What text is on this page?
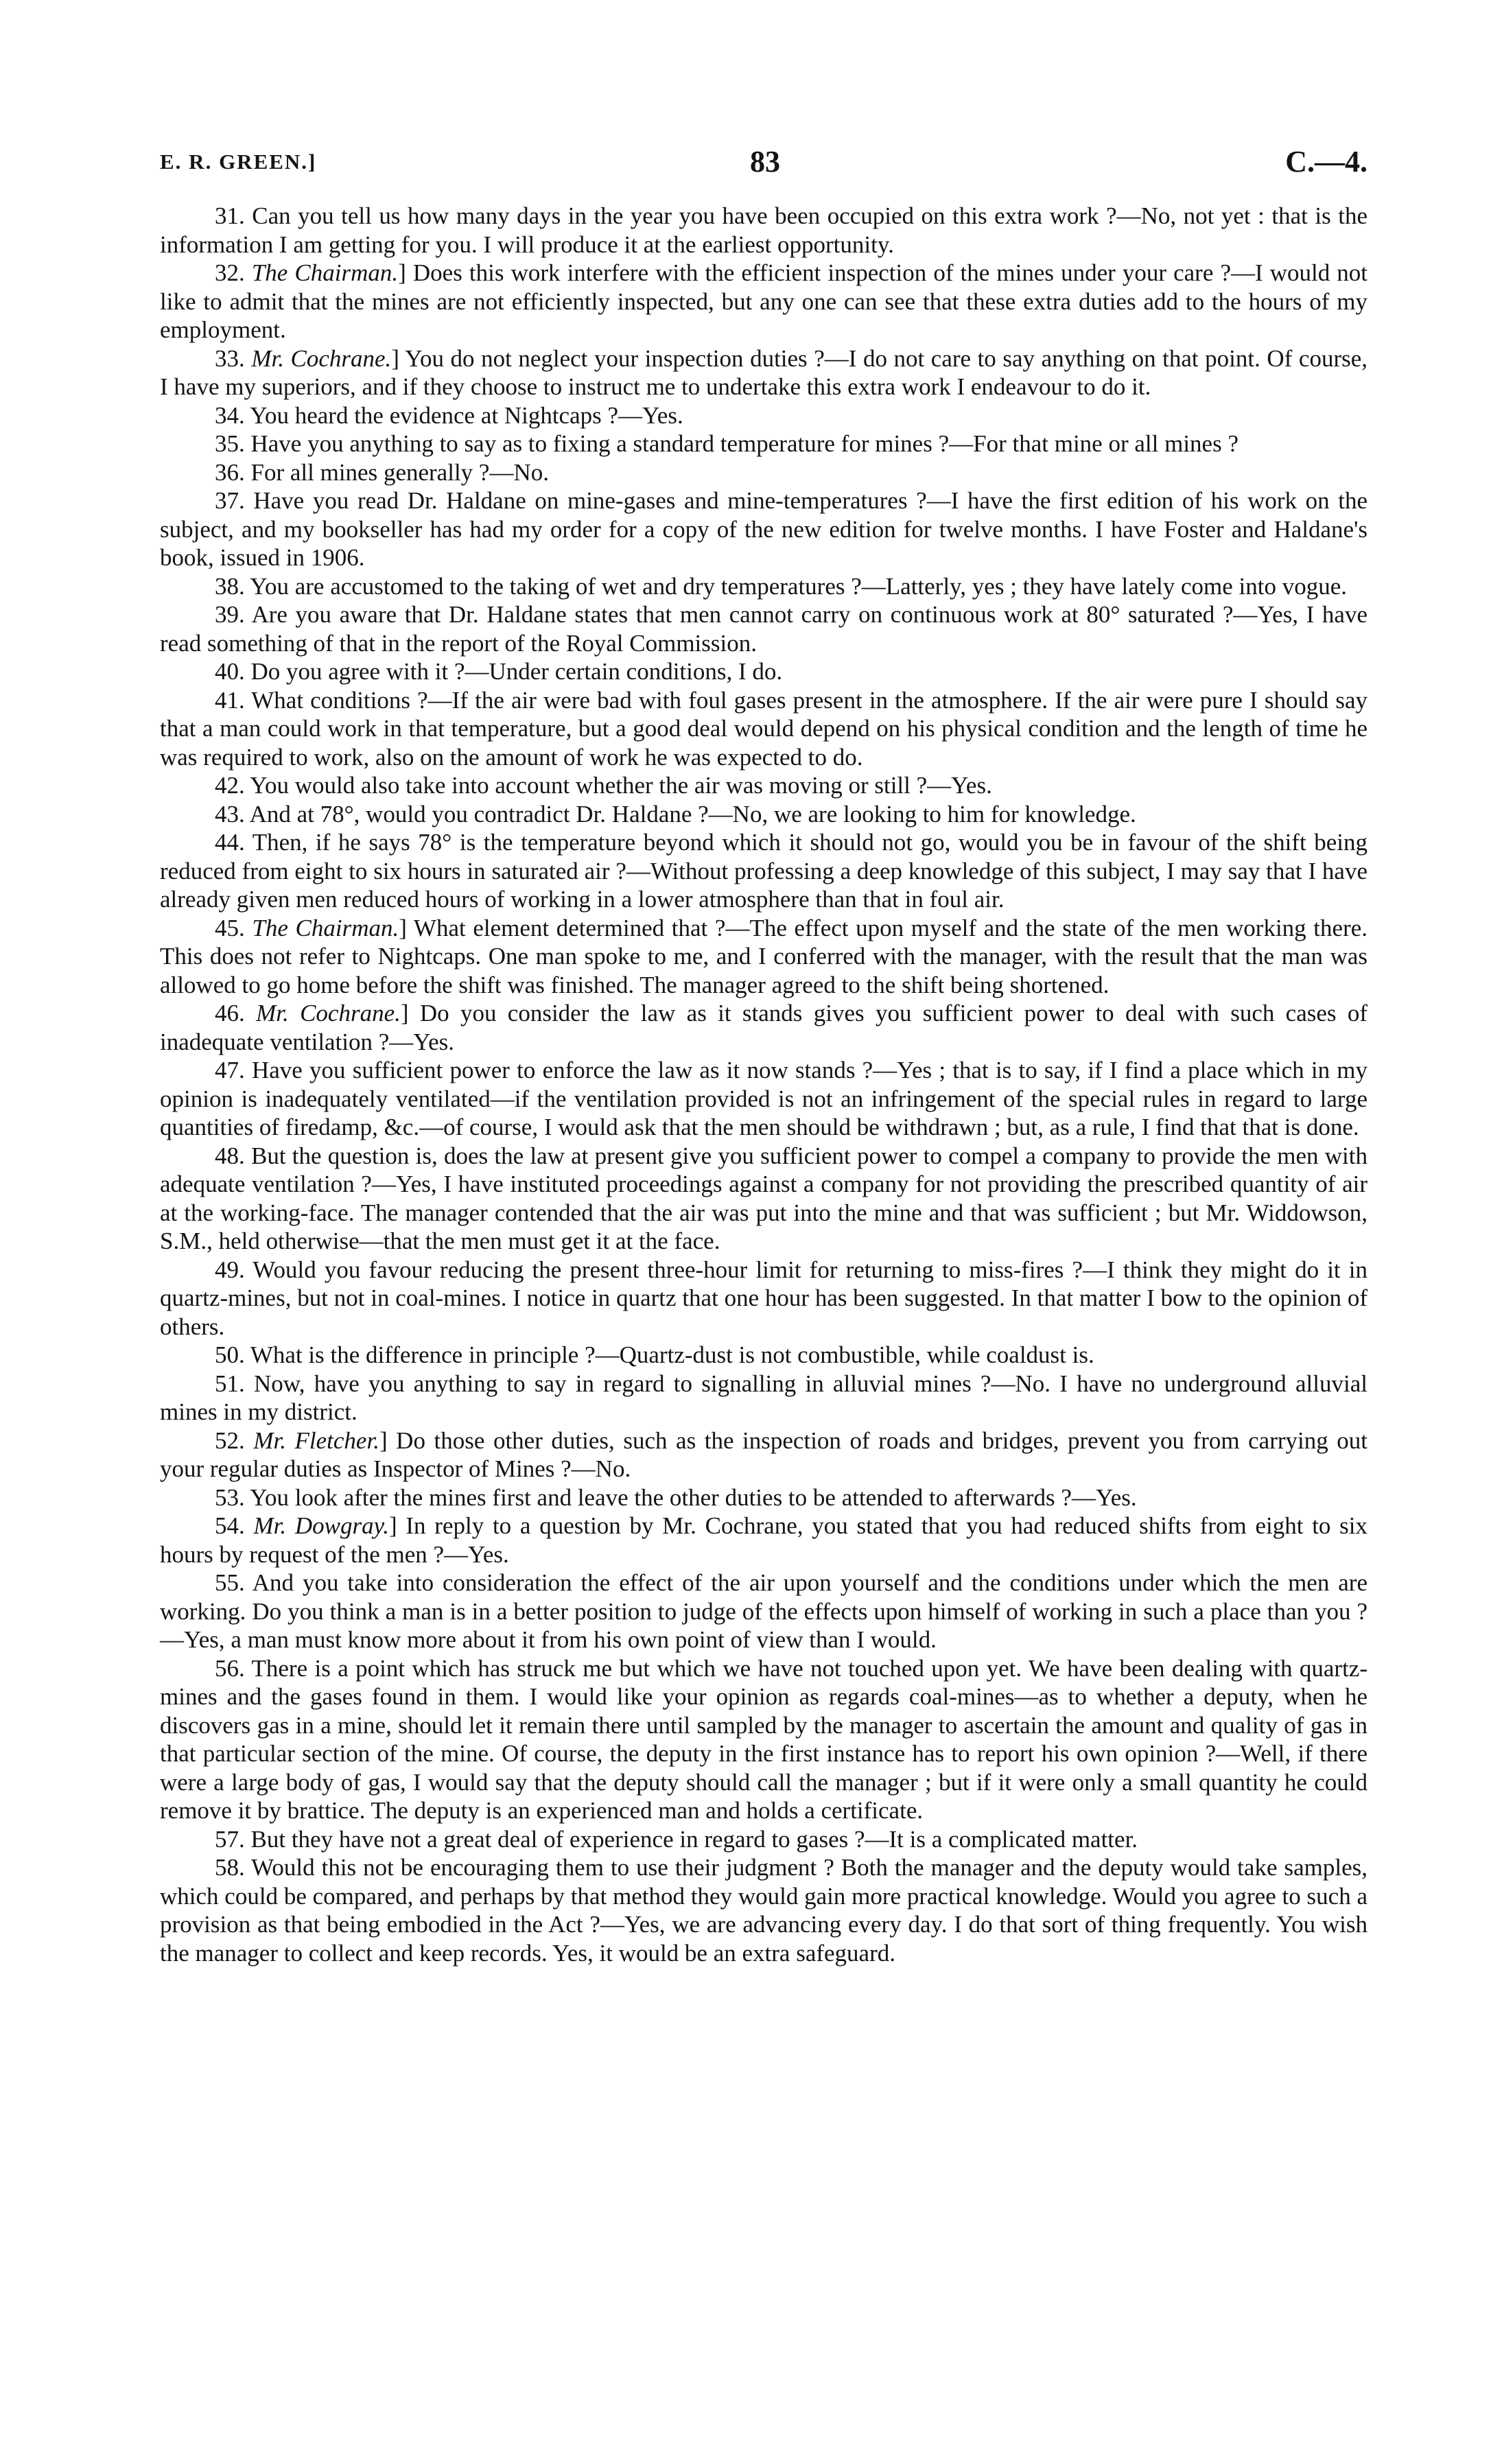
E. R. GREEN.]	83	C.—4.

31. Can you tell us how many days in the year you have been occupied on this extra work ?—No, not yet : that is the information I am getting for you. I will produce it at the earliest opportunity.

32. The Chairman.] Does this work interfere with the efficient inspection of the mines under your care ?—I would not like to admit that the mines are not efficiently inspected, but any one can see that these extra duties add to the hours of my employment.

33. Mr. Cochrane.] You do not neglect your inspection duties ?—I do not care to say anything on that point. Of course, I have my superiors, and if they choose to instruct me to undertake this extra work I endeavour to do it.

34. You heard the evidence at Nightcaps ?—Yes.

35. Have you anything to say as to fixing a standard temperature for mines ?—For that mine or all mines ?

36. For all mines generally ?—No.

37. Have you read Dr. Haldane on mine-gases and mine-temperatures ?—I have the first edition of his work on the subject, and my bookseller has had my order for a copy of the new edition for twelve months. I have Foster and Haldane's book, issued in 1906.

38. You are accustomed to the taking of wet and dry temperatures ?—Latterly, yes ; they have lately come into vogue.

39. Are you aware that Dr. Haldane states that men cannot carry on continuous work at 80° saturated ?—Yes, I have read something of that in the report of the Royal Commission.

40. Do you agree with it ?—Under certain conditions, I do.

41. What conditions ?—If the air were bad with foul gases present in the atmosphere. If the air were pure I should say that a man could work in that temperature, but a good deal would depend on his physical condition and the length of time he was required to work, also on the amount of work he was expected to do.

42. You would also take into account whether the air was moving or still ?—Yes.

43. And at 78°, would you contradict Dr. Haldane ?—No, we are looking to him for knowledge.

44. Then, if he says 78° is the temperature beyond which it should not go, would you be in favour of the shift being reduced from eight to six hours in saturated air ?—Without professing a deep knowledge of this subject, I may say that I have already given men reduced hours of working in a lower atmosphere than that in foul air.

45. The Chairman.] What element determined that ?—The effect upon myself and the state of the men working there. This does not refer to Nightcaps. One man spoke to me, and I conferred with the manager, with the result that the man was allowed to go home before the shift was finished. The manager agreed to the shift being shortened.

46. Mr. Cochrane.] Do you consider the law as it stands gives you sufficient power to deal with such cases of inadequate ventilation ?—Yes.

47. Have you sufficient power to enforce the law as it now stands ?—Yes ; that is to say, if I find a place which in my opinion is inadequately ventilated—if the ventilation provided is not an infringement of the special rules in regard to large quantities of firedamp, &c.—of course, I would ask that the men should be withdrawn ; but, as a rule, I find that that is done.

48. But the question is, does the law at present give you sufficient power to compel a company to provide the men with adequate ventilation ?—Yes, I have instituted proceedings against a company for not providing the prescribed quantity of air at the working-face. The manager contended that the air was put into the mine and that was sufficient ; but Mr. Widdowson, S.M., held otherwise—that the men must get it at the face.

49. Would you favour reducing the present three-hour limit for returning to miss-fires ?—I think they might do it in quartz-mines, but not in coal-mines. I notice in quartz that one hour has been suggested. In that matter I bow to the opinion of others.

50. What is the difference in principle ?—Quartz-dust is not combustible, while coaldust is.

51. Now, have you anything to say in regard to signalling in alluvial mines ?—No. I have no underground alluvial mines in my district.

52. Mr. Fletcher.] Do those other duties, such as the inspection of roads and bridges, prevent you from carrying out your regular duties as Inspector of Mines ?—No.

53. You look after the mines first and leave the other duties to be attended to afterwards ?—Yes.

54. Mr. Dowgray.] In reply to a question by Mr. Cochrane, you stated that you had reduced shifts from eight to six hours by request of the men ?—Yes.

55. And you take into consideration the effect of the air upon yourself and the conditions under which the men are working. Do you think a man is in a better position to judge of the effects upon himself of working in such a place than you ?—Yes, a man must know more about it from his own point of view than I would.

56. There is a point which has struck me but which we have not touched upon yet. We have been dealing with quartz-mines and the gases found in them. I would like your opinion as regards coal-mines—as to whether a deputy, when he discovers gas in a mine, should let it remain there until sampled by the manager to ascertain the amount and quality of gas in that particular section of the mine. Of course, the deputy in the first instance has to report his own opinion ?—Well, if there were a large body of gas, I would say that the deputy should call the manager ; but if it were only a small quantity he could remove it by brattice. The deputy is an experienced man and holds a certificate.

57. But they have not a great deal of experience in regard to gases ?—It is a complicated matter.

58. Would this not be encouraging them to use their judgment ? Both the manager and the deputy would take samples, which could be compared, and perhaps by that method they would gain more practical knowledge. Would you agree to such a provision as that being embodied in the Act ?—Yes, we are advancing every day. I do that sort of thing frequently. You wish the manager to collect and keep records. Yes, it would be an extra safeguard.
